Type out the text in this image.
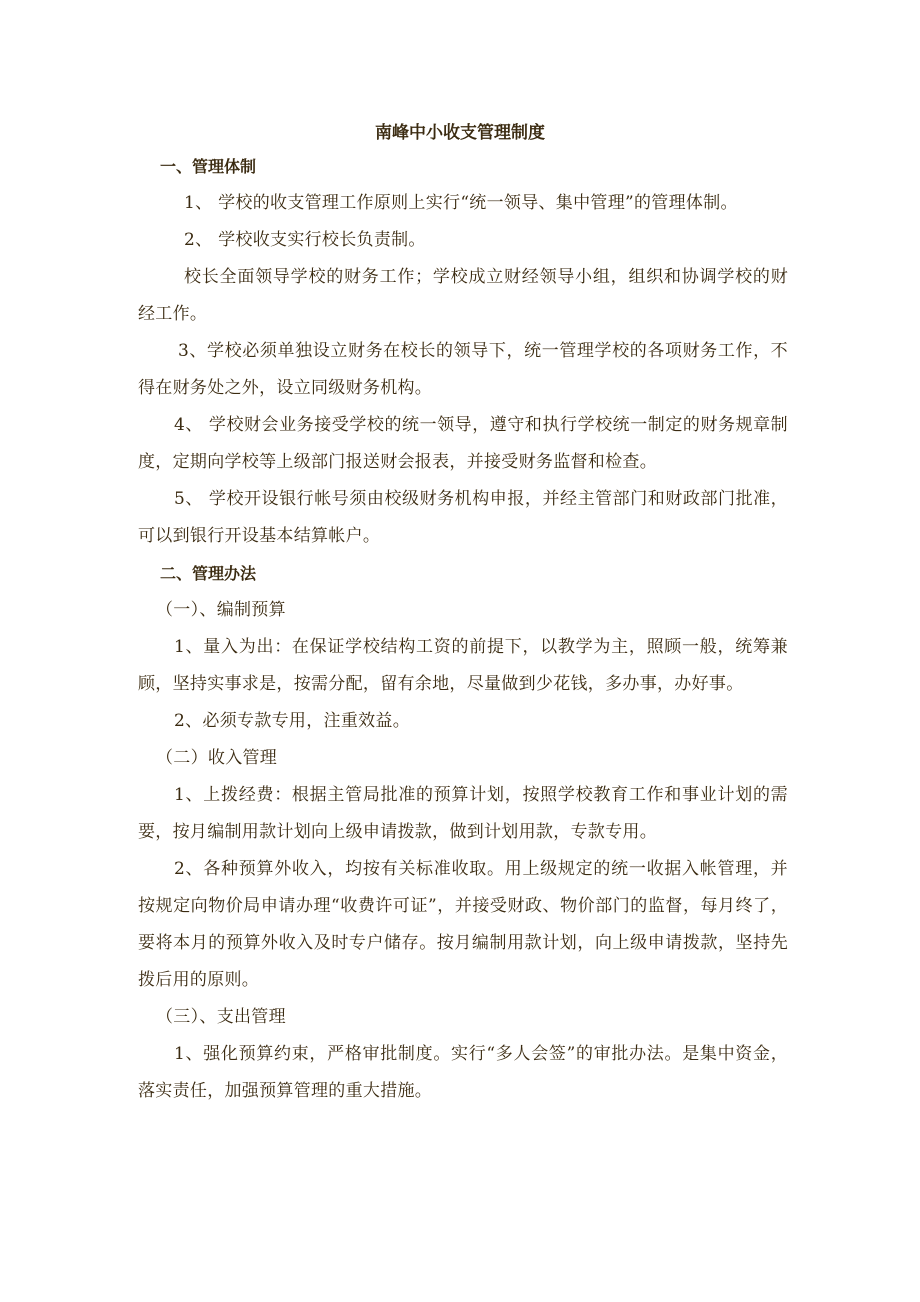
南峰中小收支管理制度

一、管理体制

1、 学校的收支管理工作原则上实行“统一领导、集中管理”的管理体制。

2、 学校收支实行校长负责制。

校长全面领导学校的财务工作；学校成立财经领导小组，组织和协调学校的财经工作。

3、学校必须单独设立财务在校长的领导下，统一管理学校的各项财务工作，不得在财务处之外，设立同级财务机构。

4、 学校财会业务接受学校的统一领导，遵守和执行学校统一制定的财务规章制度，定期向学校等上级部门报送财会报表，并接受财务监督和检查。

5、 学校开设银行帐号须由校级财务机构申报，并经主管部门和财政部门批准，可以到银行开设基本结算帐户。

二、管理办法

（一）、编制预算

1、量入为出：在保证学校结构工资的前提下，以教学为主，照顾一般，统筹兼顾，坚持实事求是，按需分配，留有余地，尽量做到少花钱，多办事，办好事。

2、必须专款专用，注重效益。

（二）收入管理

1、上拨经费：根据主管局批准的预算计划，按照学校教育工作和事业计划的需要，按月编制用款计划向上级申请拨款，做到计划用款，专款专用。

2、各种预算外收入，均按有关标准收取。用上级规定的统一收据入帐管理，并按规定向物价局申请办理“收费许可证”，并接受财政、物价部门的监督，每月终了，要将本月的预算外收入及时专户储存。按月编制用款计划，向上级申请拨款，坚持先拨后用的原则。

（三）、支出管理

1、强化预算约束，严格审批制度。实行“多人会签”的审批办法。是集中资金，落实责任，加强预算管理的重大措施。
